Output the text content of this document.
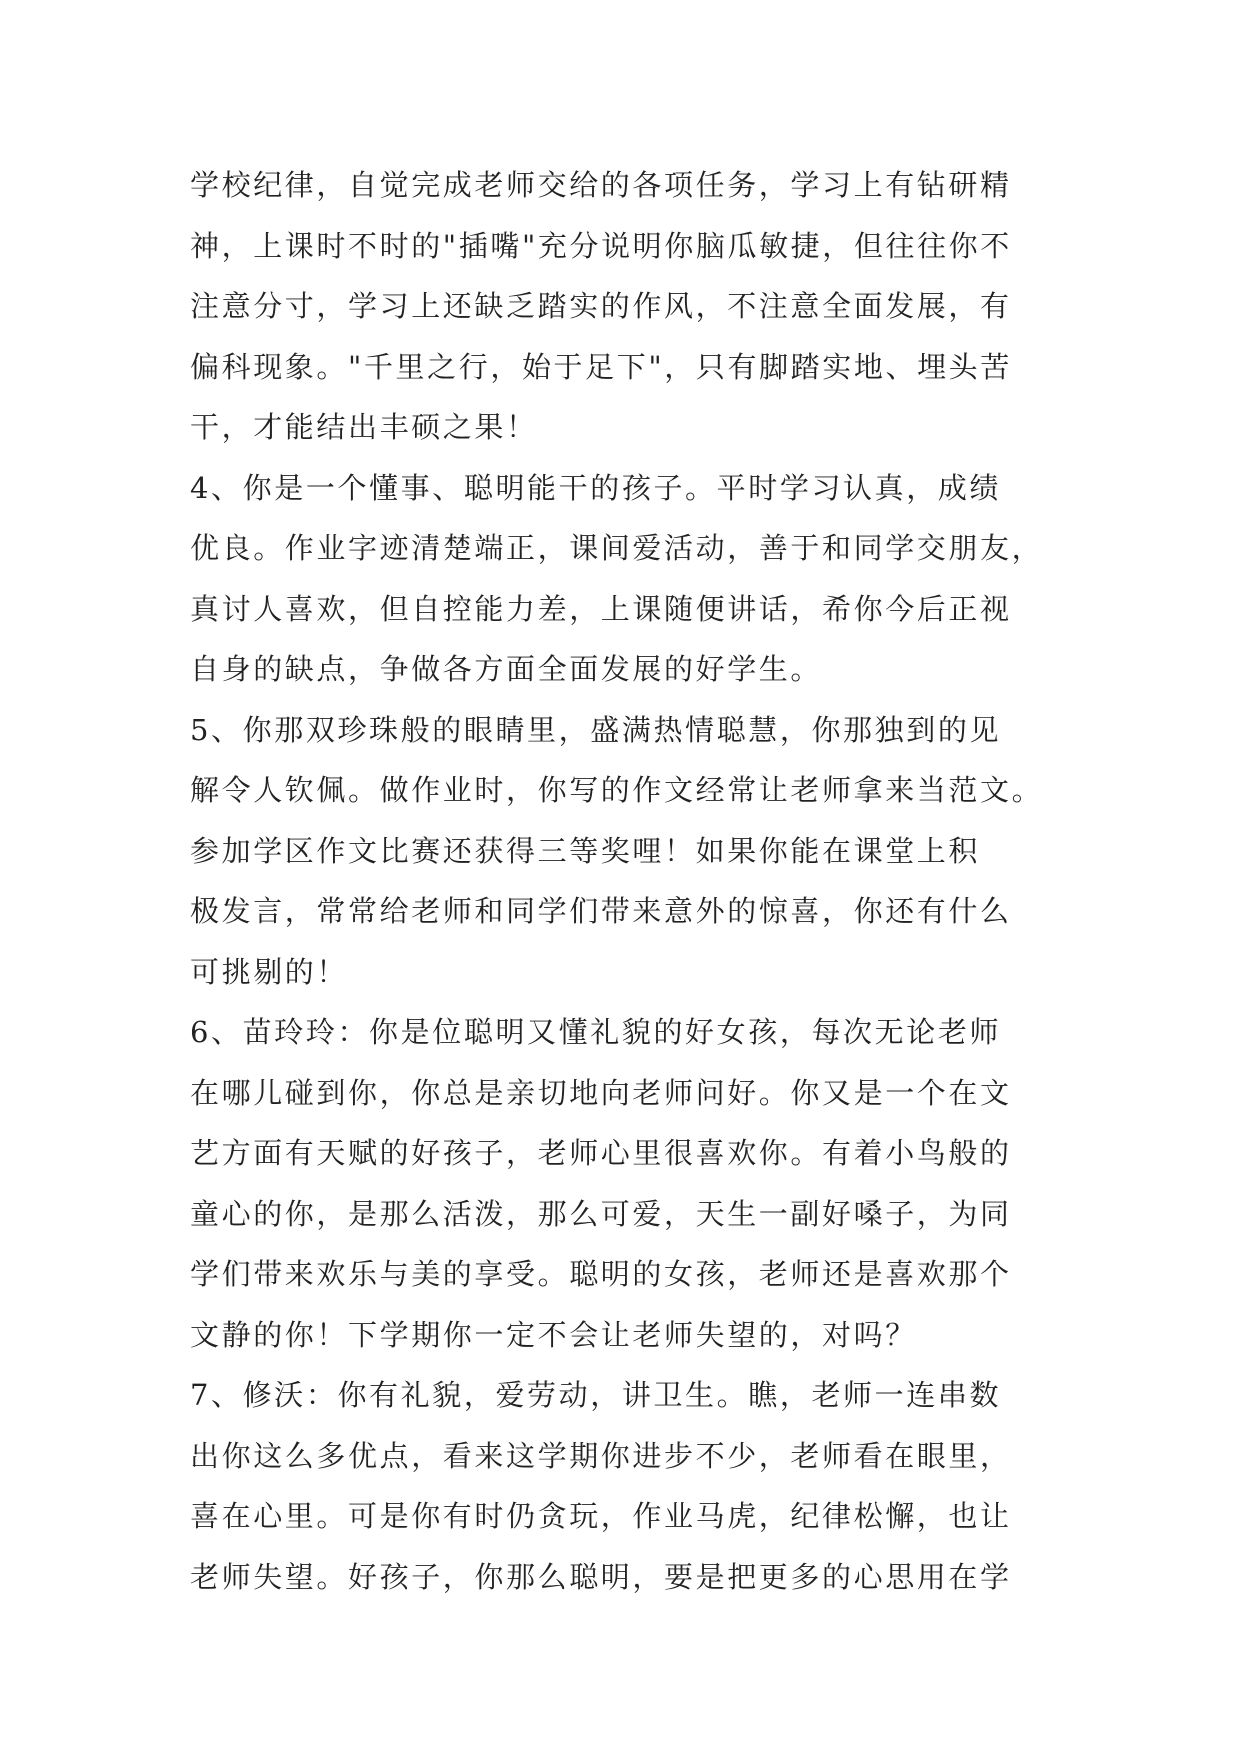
学校纪律，自觉完成老师交给的各项任务，学习上有钻研精
神，上课时不时的"插嘴"充分说明你脑瓜敏捷，但往往你不
注意分寸，学习上还缺乏踏实的作风，不注意全面发展，有
偏科现象。"千里之行，始于足下"，只有脚踏实地、埋头苦
干，才能结出丰硕之果！
4、你是一个懂事、聪明能干的孩子。平时学习认真，成绩
优良。作业字迹清楚端正，课间爱活动，善于和同学交朋友，
真讨人喜欢，但自控能力差，上课随便讲话，希你今后正视
自身的缺点，争做各方面全面发展的好学生。
5、你那双珍珠般的眼睛里，盛满热情聪慧，你那独到的见
解令人钦佩。做作业时，你写的作文经常让老师拿来当范文。
参加学区作文比赛还获得三等奖哩！如果你能在课堂上积
极发言，常常给老师和同学们带来意外的惊喜，你还有什么
可挑剔的！
6、苗玲玲：你是位聪明又懂礼貌的好女孩，每次无论老师
在哪儿碰到你，你总是亲切地向老师问好。你又是一个在文
艺方面有天赋的好孩子，老师心里很喜欢你。有着小鸟般的
童心的你，是那么活泼，那么可爱，天生一副好嗓子，为同
学们带来欢乐与美的享受。聪明的女孩，老师还是喜欢那个
文静的你！下学期你一定不会让老师失望的，对吗？
7、修沃：你有礼貌，爱劳动，讲卫生。瞧，老师一连串数
出你这么多优点，看来这学期你进步不少，老师看在眼里，
喜在心里。可是你有时仍贪玩，作业马虎，纪律松懈，也让
老师失望。好孩子，你那么聪明，要是把更多的心思用在学
